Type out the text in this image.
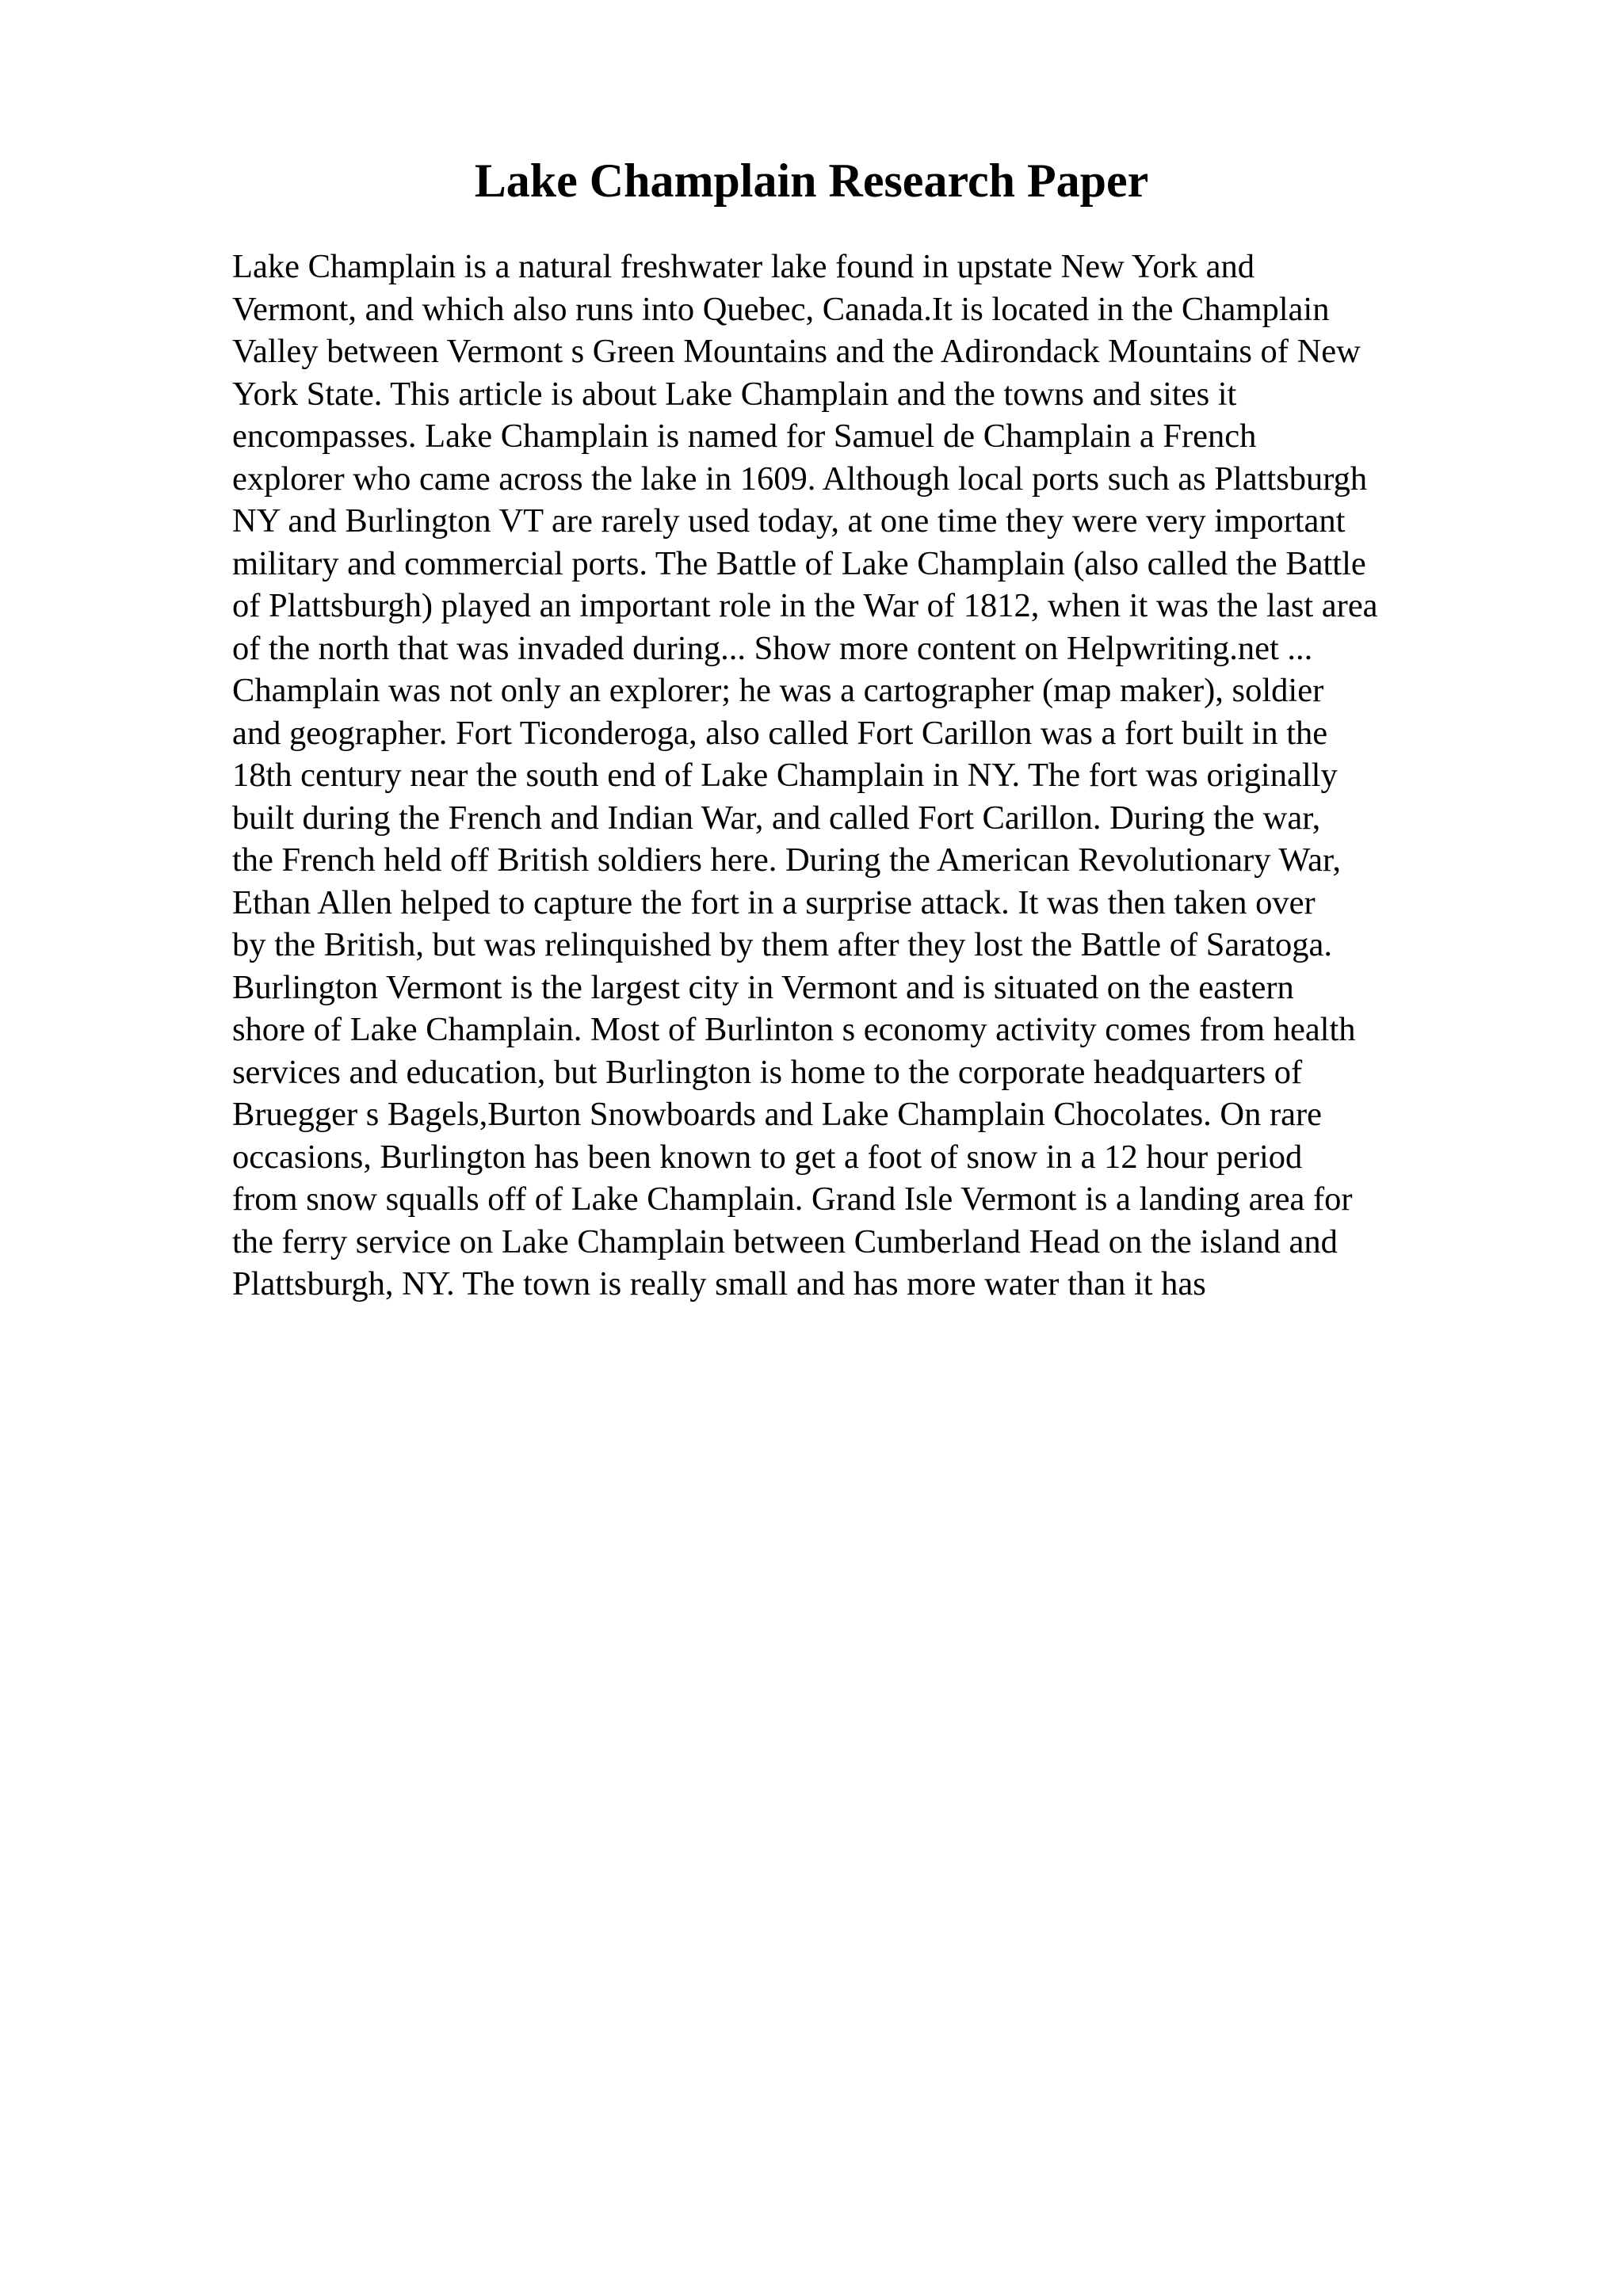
Lake Champlain Research Paper
Lake Champlain is a natural freshwater lake found in upstate New York and
Vermont, and which also runs into Quebec, Canada.It is located in the Champlain
Valley between Vermont s Green Mountains and the Adirondack Mountains of New
York State. This article is about Lake Champlain and the towns and sites it
encompasses. Lake Champlain is named for Samuel de Champlain a French
explorer who came across the lake in 1609. Although local ports such as Plattsburgh
NY and Burlington VT are rarely used today, at one time they were very important
military and commercial ports. The Battle of Lake Champlain (also called the Battle
of Plattsburgh) played an important role in the War of 1812, when it was the last area
of the north that was invaded during... Show more content on Helpwriting.net ...
Champlain was not only an explorer; he was a cartographer (map maker), soldier
and geographer. Fort Ticonderoga, also called Fort Carillon was a fort built in the
18th century near the south end of Lake Champlain in NY. The fort was originally
built during the French and Indian War, and called Fort Carillon. During the war,
the French held off British soldiers here. During the American Revolutionary War,
Ethan Allen helped to capture the fort in a surprise attack. It was then taken over
by the British, but was relinquished by them after they lost the Battle of Saratoga.
Burlington Vermont is the largest city in Vermont and is situated on the eastern
shore of Lake Champlain. Most of Burlinton s economy activity comes from health
services and education, but Burlington is home to the corporate headquarters of
Bruegger s Bagels,Burton Snowboards and Lake Champlain Chocolates. On rare
occasions, Burlington has been known to get a foot of snow in a 12 hour period
from snow squalls off of Lake Champlain. Grand Isle Vermont is a landing area for
the ferry service on Lake Champlain between Cumberland Head on the island and
Plattsburgh, NY. The town is really small and has more water than it has
